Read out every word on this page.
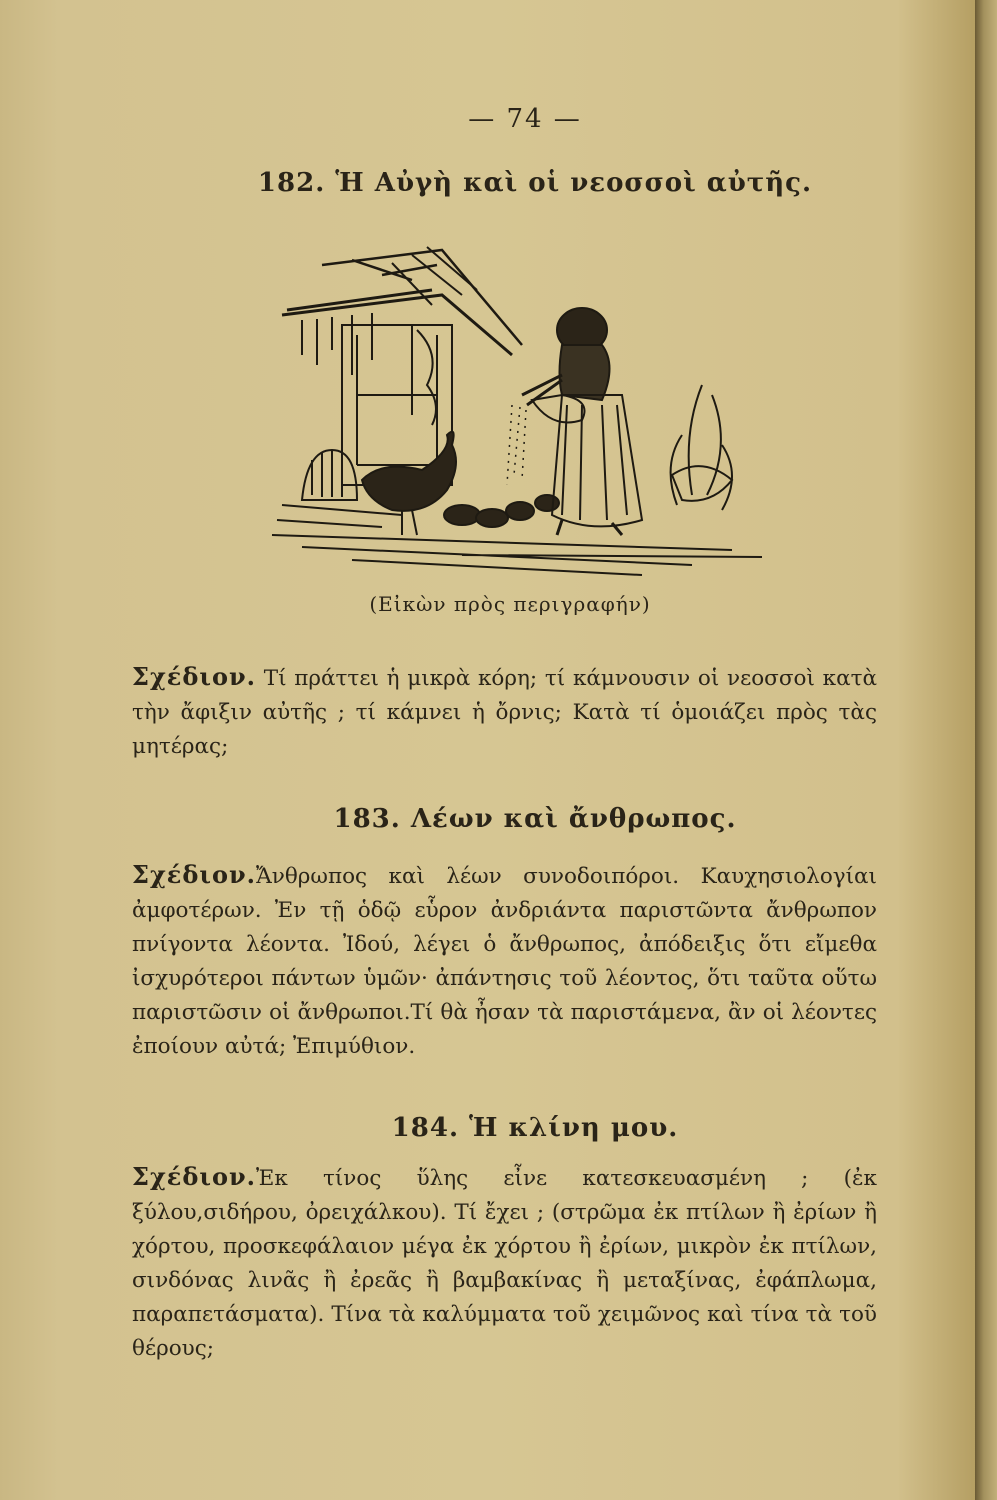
— 74 —
182. Ἡ Αὐγὴ καὶ οἱ νεοσσοὶ αὐτῆς.
(Εἰκὼν πρὸς περιγραφήν)
Σχέδιον. Τί πράττει ἡ μικρὰ κόρη; τί κάμνουσιν οἱ νεοσσοὶ κατὰ τὴν ἄφιξιν αὐτῆς ; τί κάμνει ἡ ὄρνις; Κατὰ τί ὁμοιάζει πρὸς τὰς μητέρας;
183. Λέων καὶ ἄνθρωπος.
Σχέδιον.Ἄνθρωπος καὶ λέων συνοδοιπόροι. Καυχησιολογίαι ἀμφοτέρων. Ἐν τῇ ὁδῷ εὗρον ἀνδριάντα παριστῶντα ἄνθρωπον πνίγοντα λέοντα. Ἰδού, λέγει ὁ ἄνθρωπος, ἀπόδειξις ὅτι εἴμεθα ἰσχυρότεροι πάντων ὑμῶν· ἀπάντησις τοῦ λέοντος, ὅτι ταῦτα οὕτω παριστῶσιν οἱ ἄνθρωποι.Τί θὰ ἦσαν τὰ παριστάμενα, ἂν οἱ λέοντες ἐποίουν αὐτά; Ἐπιμύθιον.
184. Ἡ κλίνη μου.
Σχέδιον.Ἐκ τίνος ὕλης εἶνε κατεσκευασμένη ; (ἐκ ξύλου,σιδήρου, ὀρειχάλκου). Τί ἔχει ; (στρῶμα ἐκ πτίλων ἢ ἐρίων ἢ χόρτου, προσκεφάλαιον μέγα ἐκ χόρτου ἢ ἐρίων, μικρὸν ἐκ πτίλων, σινδόνας λινᾶς ἢ ἐρεᾶς ἢ βαμβακίνας ἢ μεταξίνας, ἐφάπλωμα, παραπετάσματα). Τίνα τὰ καλύμματα τοῦ χειμῶνος καὶ τίνα τὰ τοῦ θέρους;
